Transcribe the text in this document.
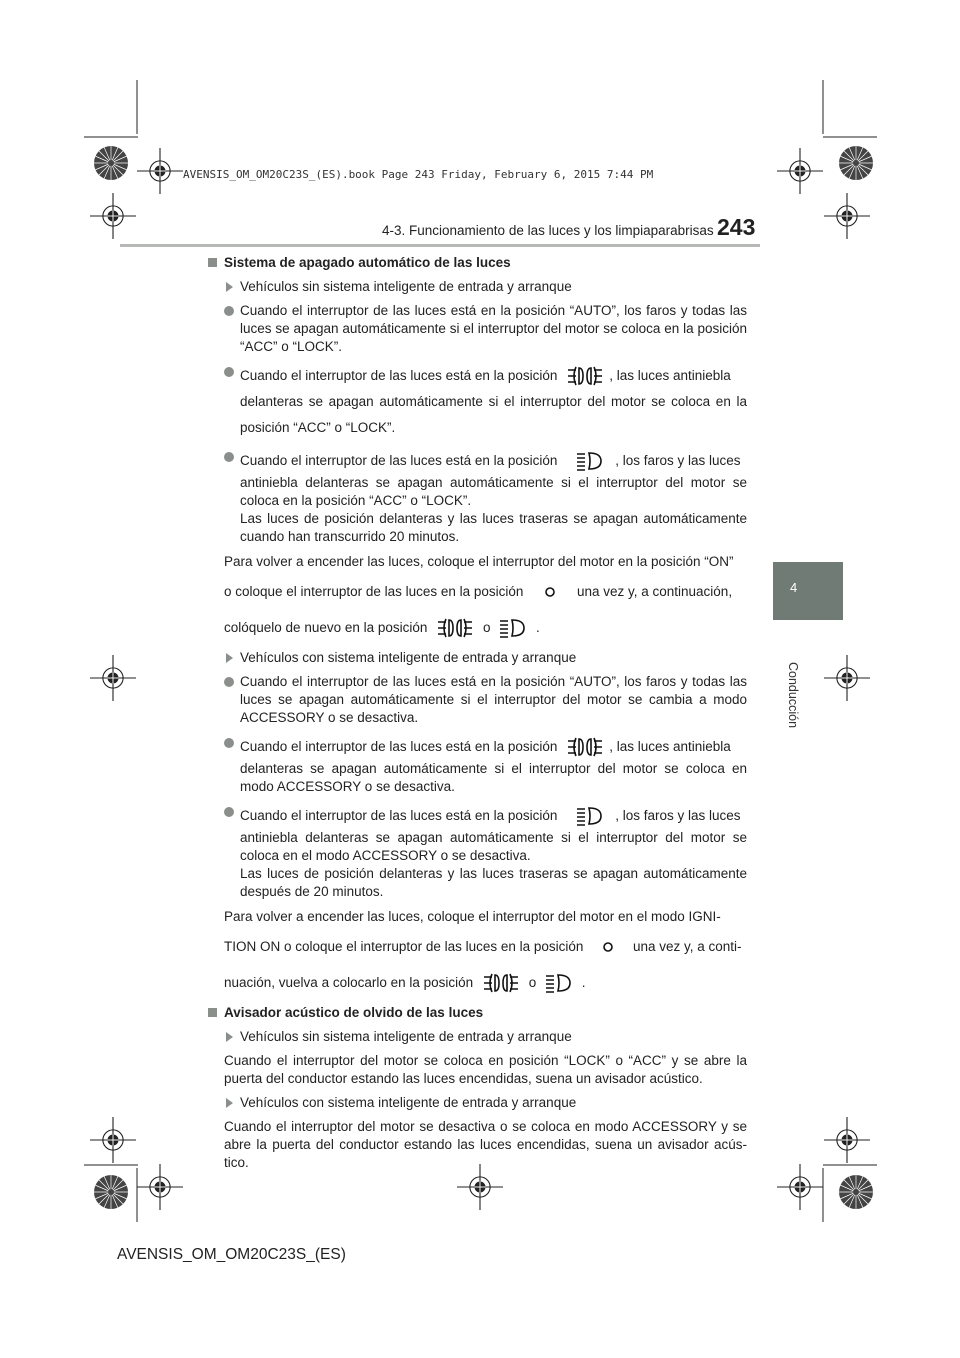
AVENSIS_OM_OM20C23S_(ES).book Page 243 Friday, February 6, 2015 7:44 PM
4-3. Funcionamiento de las luces y los limpiaparabrisas 243
4
Conducción
Sistema de apagado automático de las luces
Vehículos sin sistema inteligente de entrada y arranque
Cuando el interruptor de las luces está en la posición “AUTO”, los faros y todas las luces se apagan automáticamente si el interruptor del motor se coloca en la posición “ACC” o “LOCK”.
Cuando el interruptor de las luces está en la posición	, las luces antiniebla
delanteras se apagan automáticamente si el interruptor del motor se coloca en la posición “ACC” o “LOCK”.
Cuando el interruptor de las luces está en la posición	, los faros y las luces
antiniebla delanteras se apagan automáticamente si el interruptor del motor se coloca en la posición “ACC” o “LOCK”.
Las luces de posición delanteras y las luces traseras se apagan automáticamente cuando han transcurrido 20 minutos.
Para volver a encender las luces, coloque el interruptor del motor en la posición “ON”
o coloque el interruptor de las luces en la posición	una vez y, a continuación,
colóquelo de nuevo en la posición	o	.
Vehículos con sistema inteligente de entrada y arranque
Cuando el interruptor de las luces está en la posición “AUTO”, los faros y todas las luces se apagan automáticamente si el interruptor del motor se cambia a modo ACCESSORY o se desactiva.
Cuando el interruptor de las luces está en la posición	, las luces antiniebla
delanteras se apagan automáticamente si el interruptor del motor se coloca en modo ACCESSORY o se desactiva.
Cuando el interruptor de las luces está en la posición	, los faros y las luces
antiniebla delanteras se apagan automáticamente si el interruptor del motor se coloca en el modo ACCESSORY o se desactiva.
Las luces de posición delanteras y las luces traseras se apagan automáticamente después de 20 minutos.
Para volver a encender las luces, coloque el interruptor del motor en el modo IGNI-
TION ON o coloque el interruptor de las luces en la posición	una vez y, a conti-
nuación, vuelva a colocarlo en la posición	o	.
Avisador acústico de olvido de las luces
Vehículos sin sistema inteligente de entrada y arranque
Cuando el interruptor del motor se coloca en posición “LOCK” o “ACC” y se abre la puerta del conductor estando las luces encendidas, suena un avisador acústico.
Vehículos con sistema inteligente de entrada y arranque
Cuando el interruptor del motor se desactiva o se coloca en modo ACCESSORY y se abre la puerta del conductor estando las luces encendidas, suena un avisador acús-tico.
AVENSIS_OM_OM20C23S_(ES)
